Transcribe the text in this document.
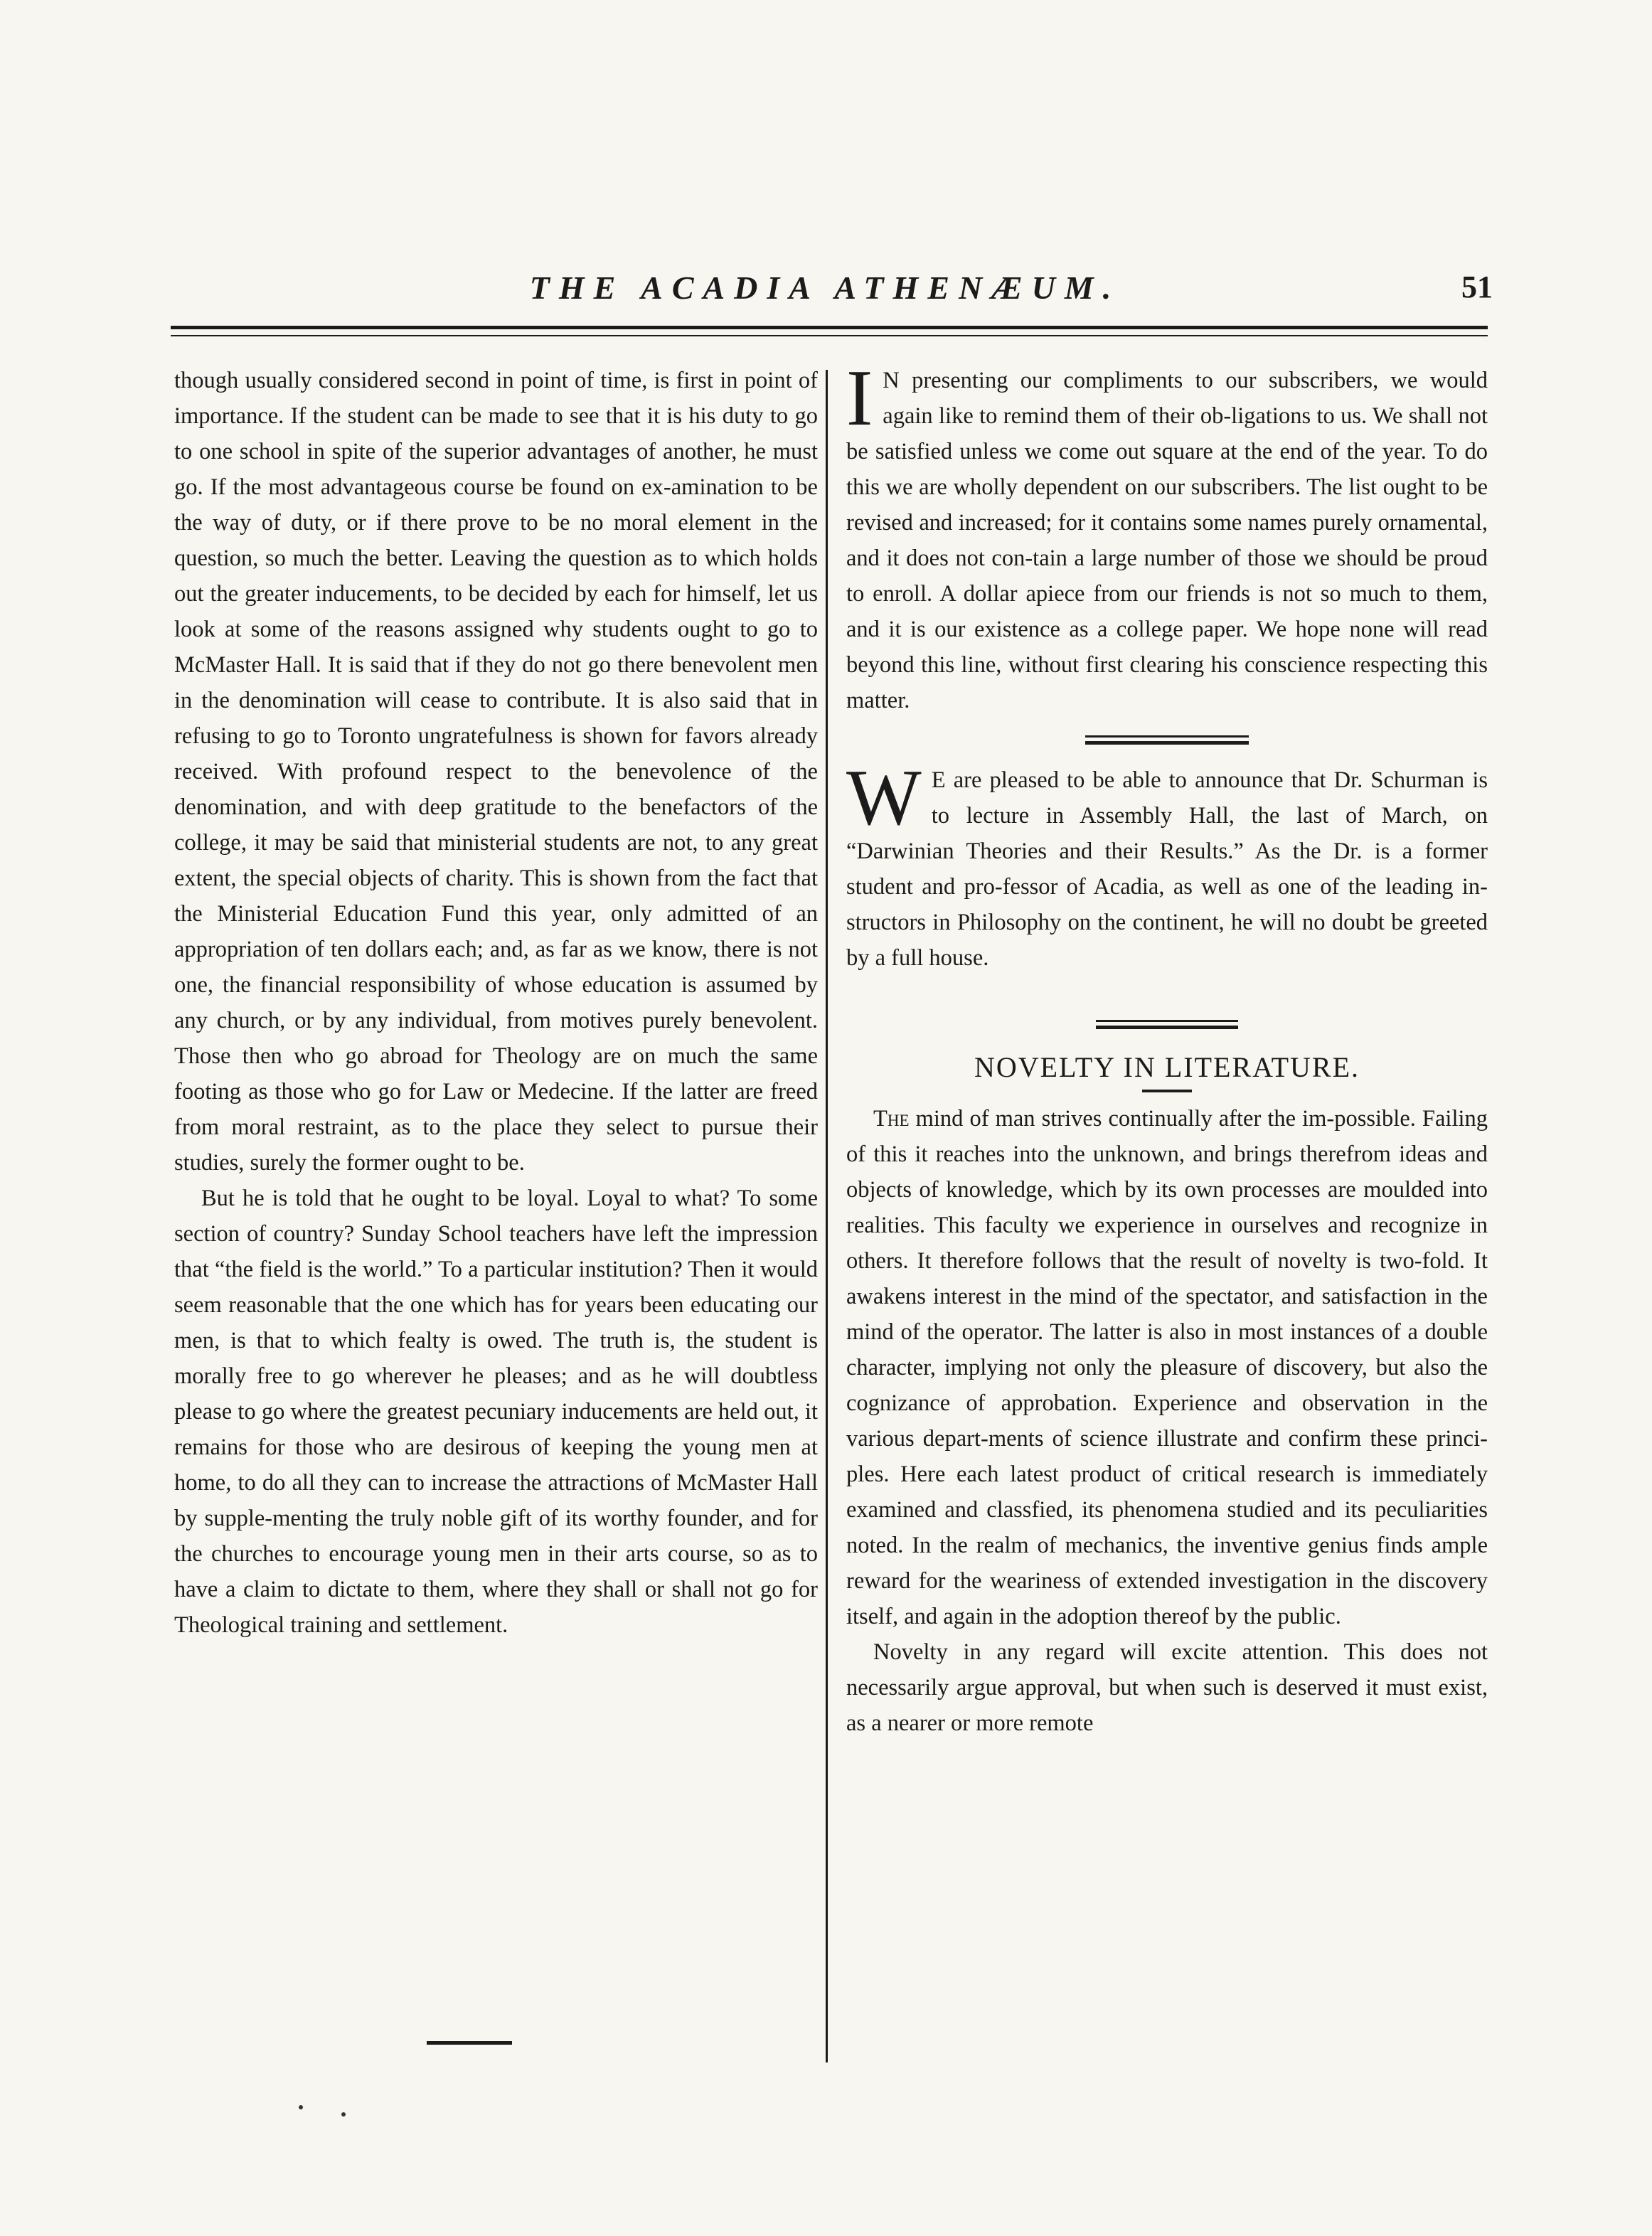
THE ACADIA ATHENÆUM.	51

though usually considered second in point of time, is first in point of importance. If the student can be made to see that it is his duty to go to one school in spite of the superior advantages of another, he must go. If the most advantageous course be found on ex-amination to be the way of duty, or if there prove to be no moral element in the question, so much the better. Leaving the question as to which holds out the greater inducements, to be decided by each for himself, let us look at some of the reasons assigned why students ought to go to McMaster Hall. It is said that if they do not go there benevolent men in the denomination will cease to contribute. It is also said that in refusing to go to Toronto ungratefulness is shown for favors already received. With profound respect to the benevolence of the denomination, and with deep gratitude to the benefactors of the college, it may be said that ministerial students are not, to any great extent, the special objects of charity. This is shown from the fact that the Ministerial Education Fund this year, only admitted of an appropriation of ten dollars each; and, as far as we know, there is not one, the financial responsibility of whose education is assumed by any church, or by any individual, from motives purely benevolent. Those then who go abroad for Theology are on much the same footing as those who go for Law or Medecine. If the latter are freed from moral restraint, as to the place they select to pursue their studies, surely the former ought to be.

But he is told that he ought to be loyal. Loyal to what? To some section of country? Sunday School teachers have left the impression that “the field is the world.” To a particular institution? Then it would seem reasonable that the one which has for years been educating our men, is that to which fealty is owed. The truth is, the student is morally free to go wherever he pleases; and as he will doubtless please to go where the greatest pecuniary inducements are held out, it remains for those who are desirous of keeping the young men at home, to do all they can to increase the attractions of McMaster Hall by supple-menting the truly noble gift of its worthy founder, and for the churches to encourage young men in their arts course, so as to have a claim to dictate to them, where they shall or shall not go for Theological training and settlement.

I N presenting our compliments to our subscribers, we would again like to remind them of their ob-ligations to us. We shall not be satisfied unless we come out square at the end of the year. To do this we are wholly dependent on our subscribers. The list ought to be revised and increased; for it contains some names purely ornamental, and it does not con-tain a large number of those we should be proud to enroll. A dollar apiece from our friends is not so much to them, and it is our existence as a college paper. We hope none will read beyond this line, without first clearing his conscience respecting this matter.
W E are pleased to be able to announce that Dr. Schurman is to lecture in Assembly Hall, the last of March, on “Darwinian Theories and their Results.” As the Dr. is a former student and pro-fessor of Acadia, as well as one of the leading in-structors in Philosophy on the continent, he will no doubt be greeted by a full house.
NOVELTY IN LITERATURE.

The mind of man strives continually after the im-possible. Failing of this it reaches into the unknown, and brings therefrom ideas and objects of knowledge, which by its own processes are moulded into realities. This faculty we experience in ourselves and recognize in others. It therefore follows that the result of novelty is two-fold. It awakens interest in the mind of the spectator, and satisfaction in the mind of the operator. The latter is also in most instances of a double character, implying not only the pleasure of discovery, but also the cognizance of approbation. Experience and observation in the various depart-ments of science illustrate and confirm these princi-ples. Here each latest product of critical research is immediately examined and classfied, its phenomena studied and its peculiarities noted. In the realm of mechanics, the inventive genius finds ample reward for the weariness of extended investigation in the discovery itself, and again in the adoption thereof by the public.

Novelty in any regard will excite attention. This does not necessarily argue approval, but when such is deserved it must exist, as a nearer or more remote
